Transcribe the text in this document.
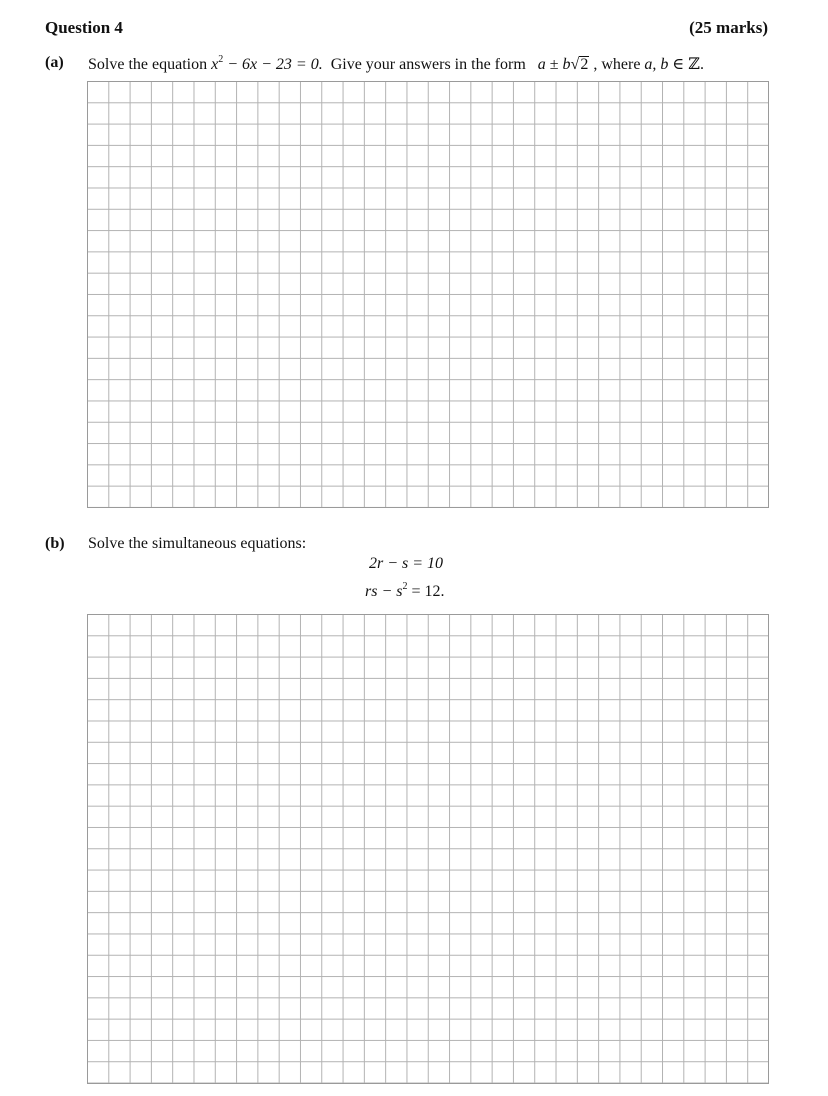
Question 4	(25 marks)
(a) Solve the equation $x^2 - 6x - 23 = 0$. Give your answers in the form a ± b√2 , where a, b ∈ ℤ.
(b) Solve the simultaneous equations:
2r − s = 10
rs − $s^2 = 12$.
